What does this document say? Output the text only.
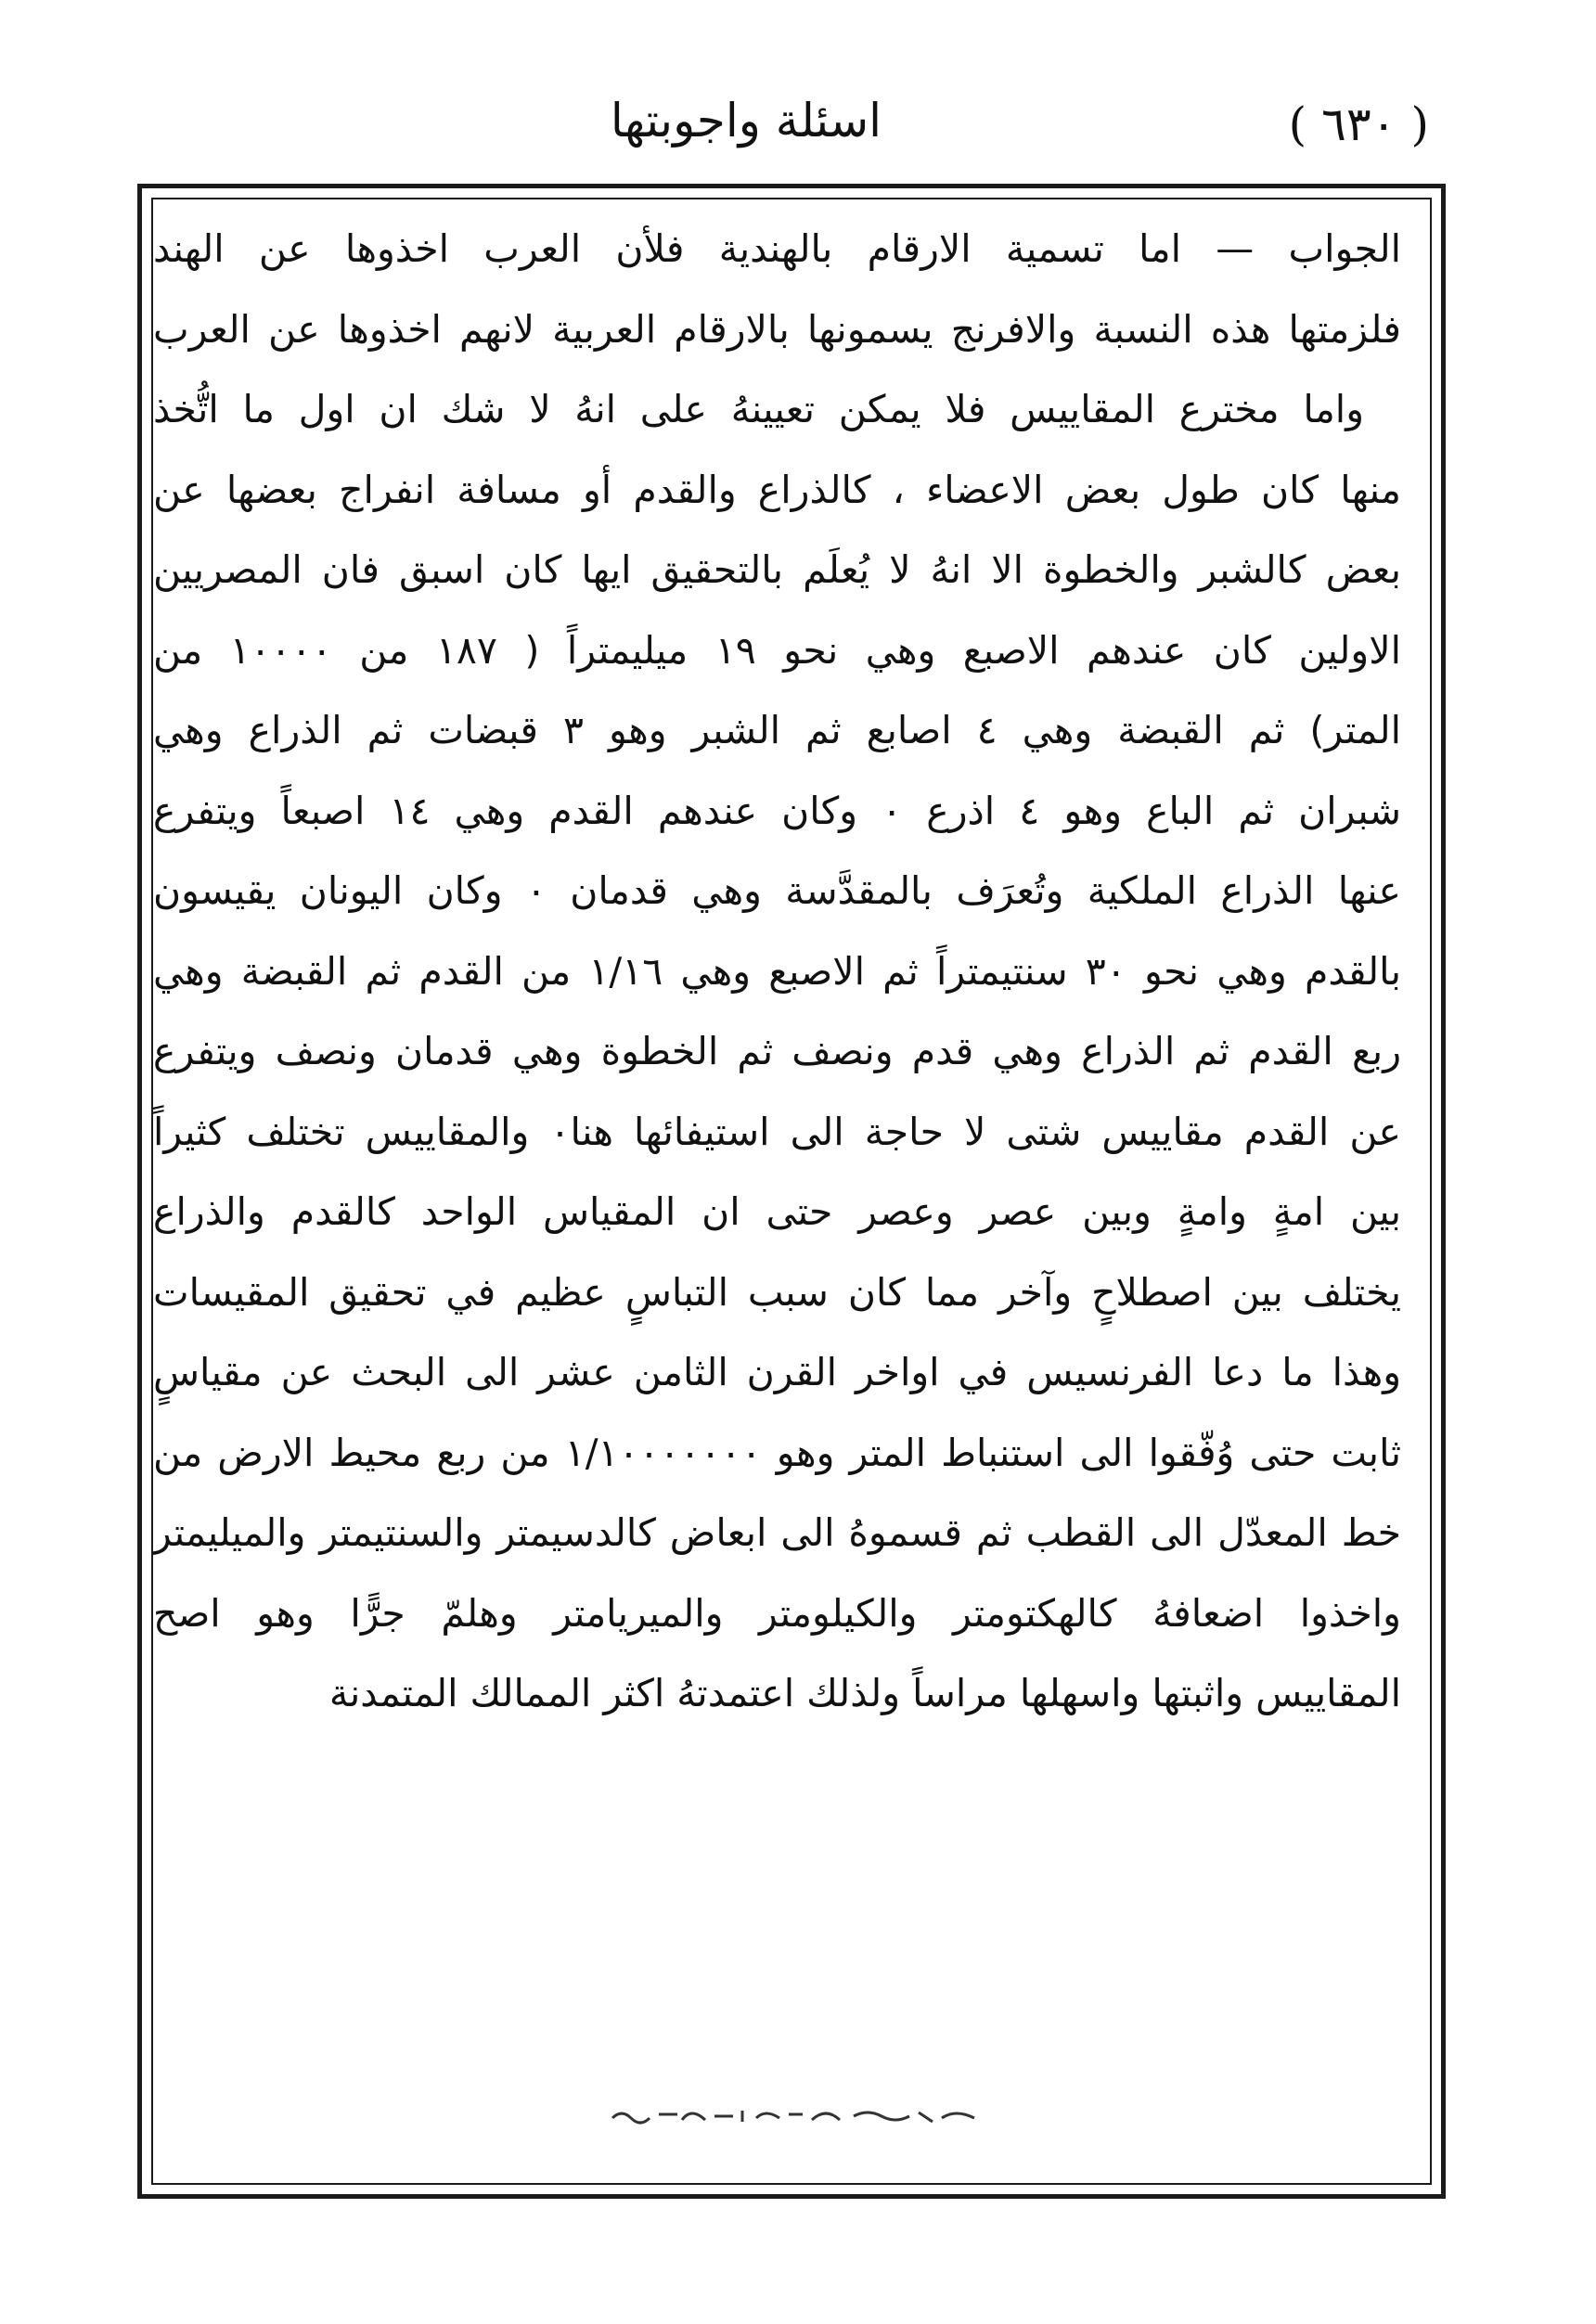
( ٦٣٠ )
اسئلة واجوبتها
الجواب — اما تسمية الارقام بالهندية فلأن العرب اخذوها عن الهند
فلزمتها هذه النسبة والافرنج يسمونها بالارقام العربية لانهم اخذوها عن العرب
واما مخترع المقاييس فلا يمكن تعيينهُ على انهُ لا شك ان اول ما اتُّخذ
منها كان طول بعض الاعضاء ، كالذراع والقدم أو مسافة انفراج بعضها عن
بعض كالشبر والخطوة الا انهُ لا يُعلَم بالتحقيق ايها كان اسبق فان المصريين
الاولين كان عندهم الاصبع وهي نحو ١٩ ميليمتراً ( ١٨٧ من ١٠٠٠٠ من
المتر) ثم القبضة وهي ٤ اصابع ثم الشبر وهو ٣ قبضات ثم الذراع وهي
شبران ثم الباع وهو ٤ اذرع ٠ وكان عندهم القدم وهي ١٤ اصبعاً ويتفرع
عنها الذراع الملكية وتُعرَف بالمقدَّسة وهي قدمان ٠ وكان اليونان يقيسون
بالقدم وهي نحو ٣٠ سنتيمتراً ثم الاصبع وهي ١/١٦ من القدم ثم القبضة وهي
ربع القدم ثم الذراع وهي قدم ونصف ثم الخطوة وهي قدمان ونصف ويتفرع
عن القدم مقاييس شتى لا حاجة الى استيفائها هنا٠ والمقاييس تختلف كثيراً
بين امةٍ وامةٍ وبين عصر وعصر حتى ان المقياس الواحد كالقدم والذراع
يختلف بين اصطلاحٍ وآخر مما كان سبب التباسٍ عظيم في تحقيق المقيسات
وهذا ما دعا الفرنسيس في اواخر القرن الثامن عشر الى البحث عن مقياسٍ
ثابت حتى وُفّقوا الى استنباط المتر وهو ١/١٠٠٠٠٠٠٠ من ربع محيط الارض من
خط المعدّل الى القطب ثم قسموهُ الى ابعاض كالدسيمتر والسنتيمتر والميليمتر
واخذوا اضعافهُ كالهكتومتر والكيلومتر والميريامتر وهلمّ جرًّا وهو اصح
المقاييس واثبتها واسهلها مراساً ولذلك اعتمدتهُ اكثر الممالك المتمدنة
